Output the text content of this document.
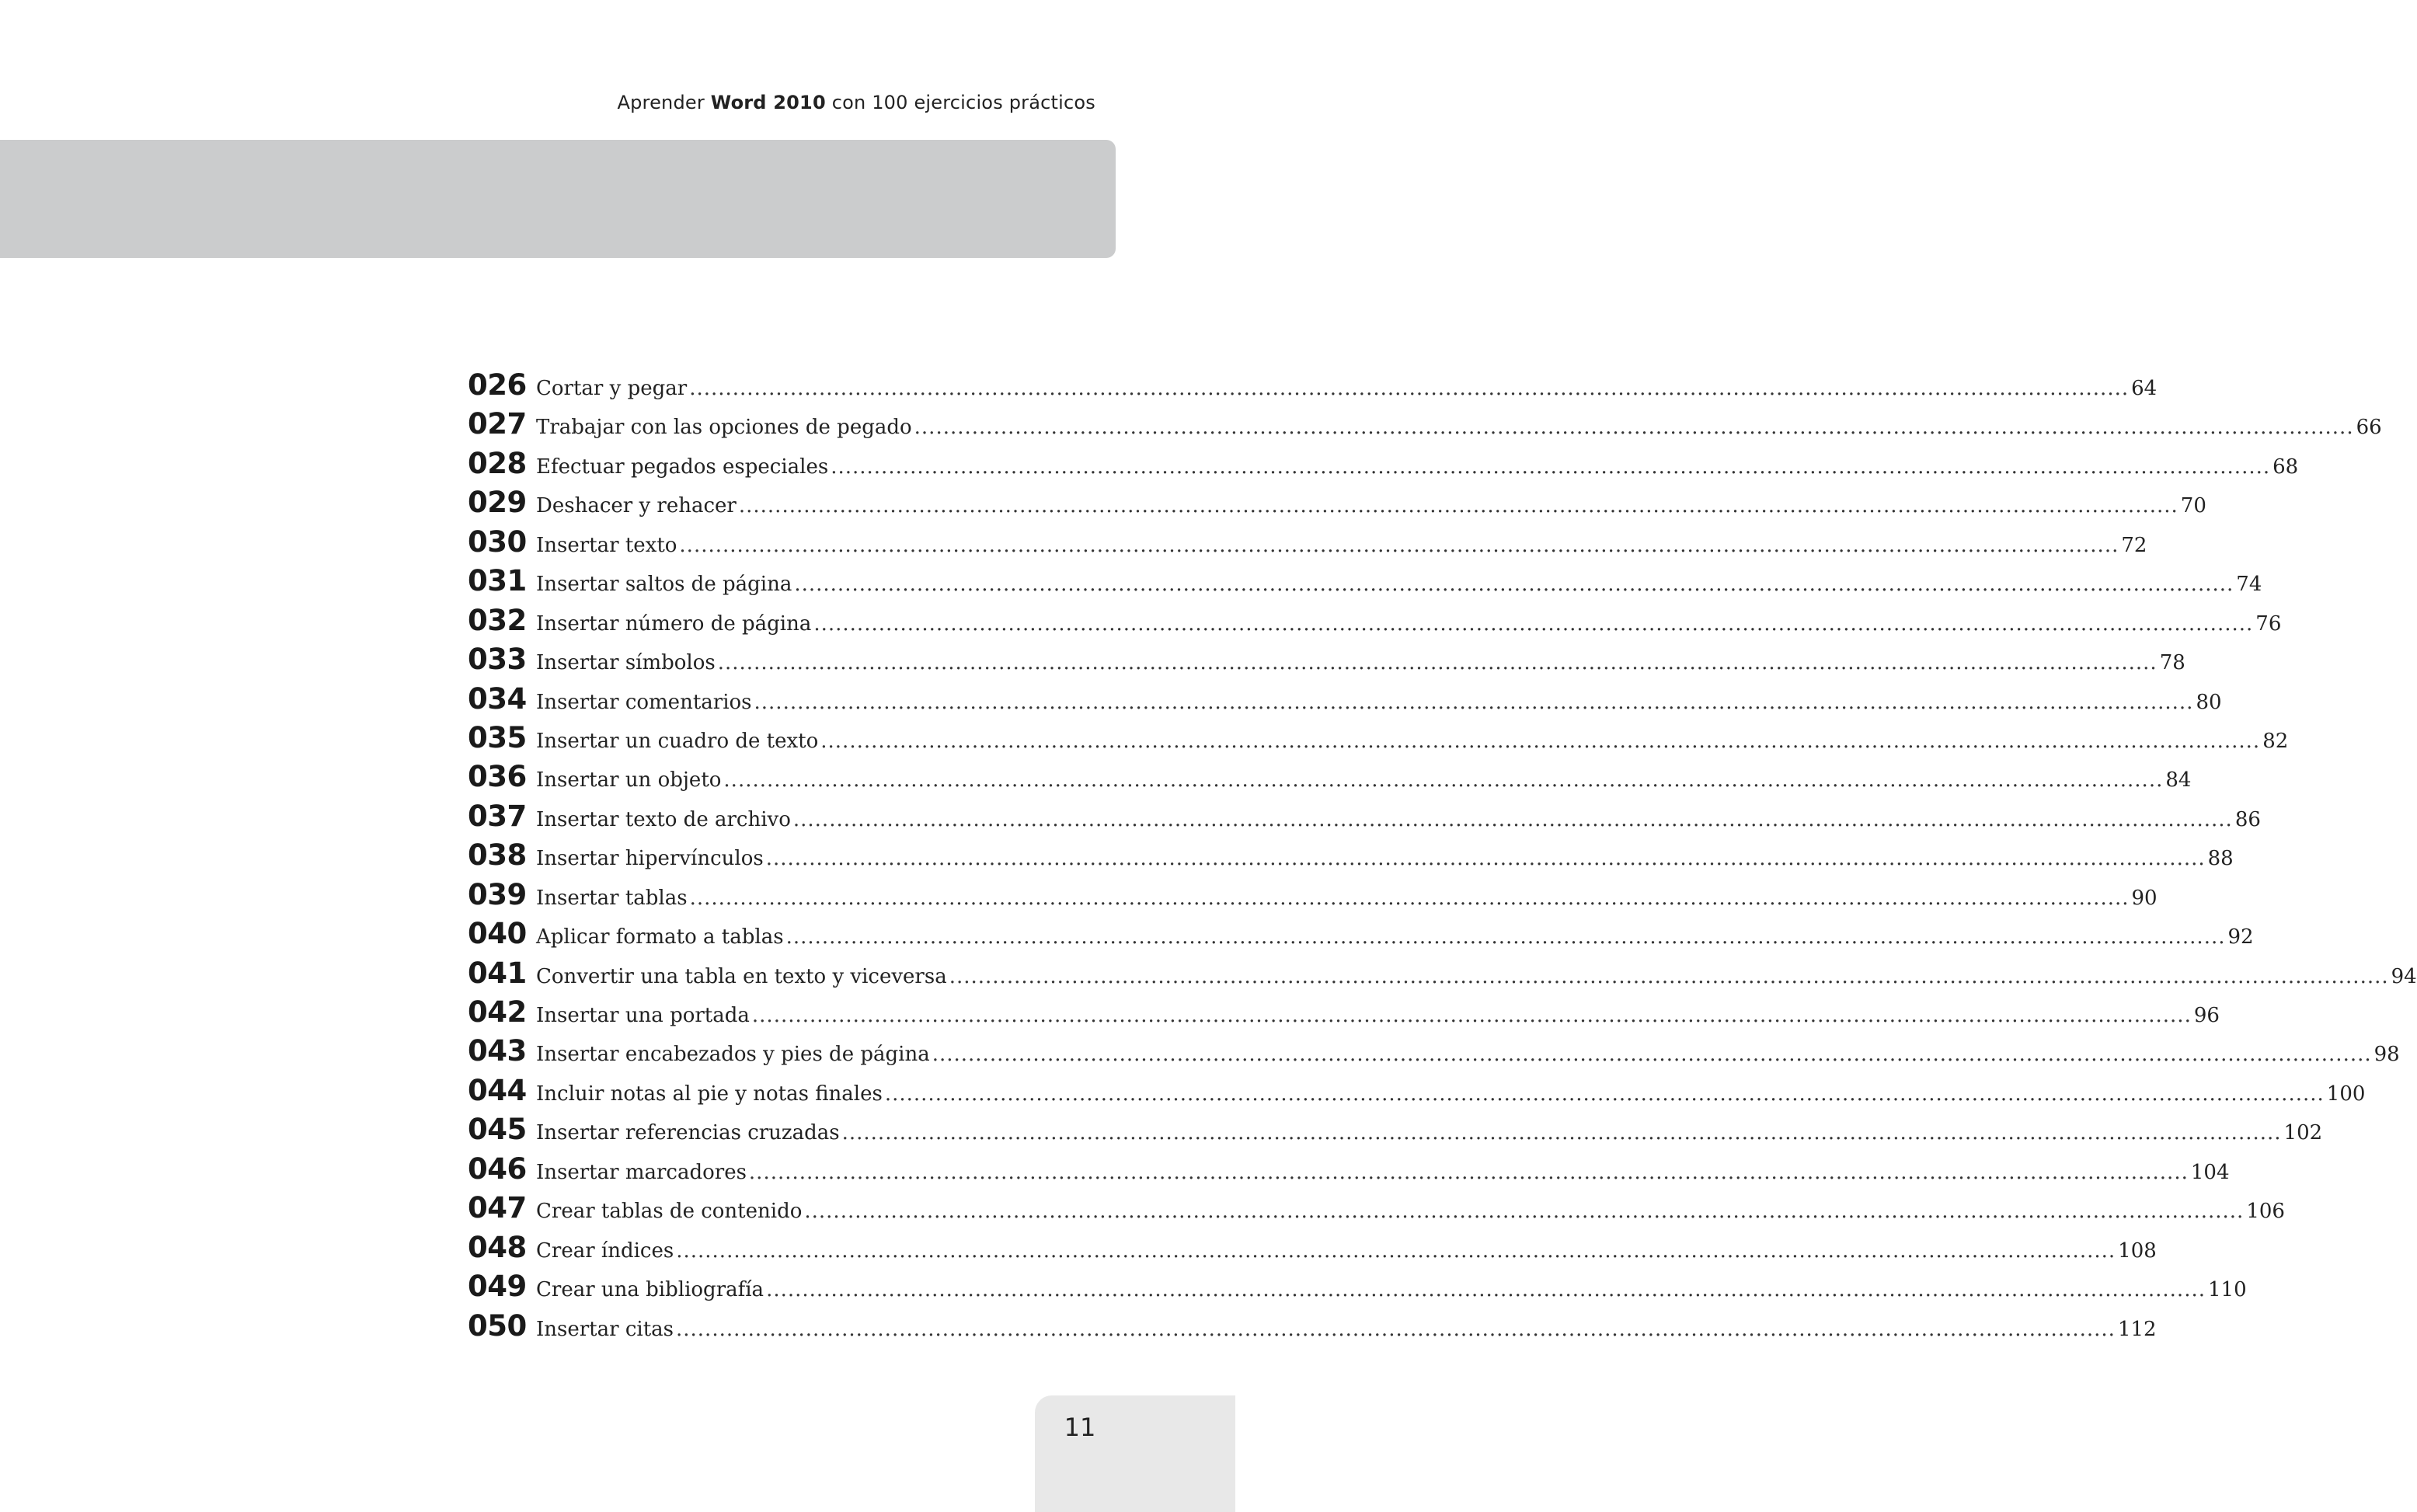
Aprender Word 2010 con 100 ejercicios prácticos
026 Cortar y pegar ........................................................................................................................................................................................................ 64
027 Trabajar con las opciones de pegado ........................................................................................................................................................................................................ 66
028 Efectuar pegados especiales ........................................................................................................................................................................................................ 68
029 Deshacer y rehacer ........................................................................................................................................................................................................ 70
030 Insertar texto ........................................................................................................................................................................................................ 72
031 Insertar saltos de página ........................................................................................................................................................................................................ 74
032 Insertar número de página ........................................................................................................................................................................................................ 76
033 Insertar símbolos ........................................................................................................................................................................................................ 78
034 Insertar comentarios ........................................................................................................................................................................................................ 80
035 Insertar un cuadro de texto ........................................................................................................................................................................................................ 82
036 Insertar un objeto ........................................................................................................................................................................................................ 84
037 Insertar texto de archivo ........................................................................................................................................................................................................ 86
038 Insertar hipervínculos ........................................................................................................................................................................................................ 88
039 Insertar tablas ........................................................................................................................................................................................................ 90
040 Aplicar formato a tablas ........................................................................................................................................................................................................ 92
041 Convertir una tabla en texto y viceversa ........................................................................................................................................................................................................ 94
042 Insertar una portada ........................................................................................................................................................................................................ 96
043 Insertar encabezados y pies de página ........................................................................................................................................................................................................ 98
044 Incluir notas al pie y notas finales ........................................................................................................................................................................................................ 100
045 Insertar referencias cruzadas ........................................................................................................................................................................................................ 102
046 Insertar marcadores ........................................................................................................................................................................................................ 104
047 Crear tablas de contenido ........................................................................................................................................................................................................ 106
048 Crear índices ........................................................................................................................................................................................................ 108
049 Crear una bibliografía ........................................................................................................................................................................................................ 110
050 Insertar citas ........................................................................................................................................................................................................ 112
11
